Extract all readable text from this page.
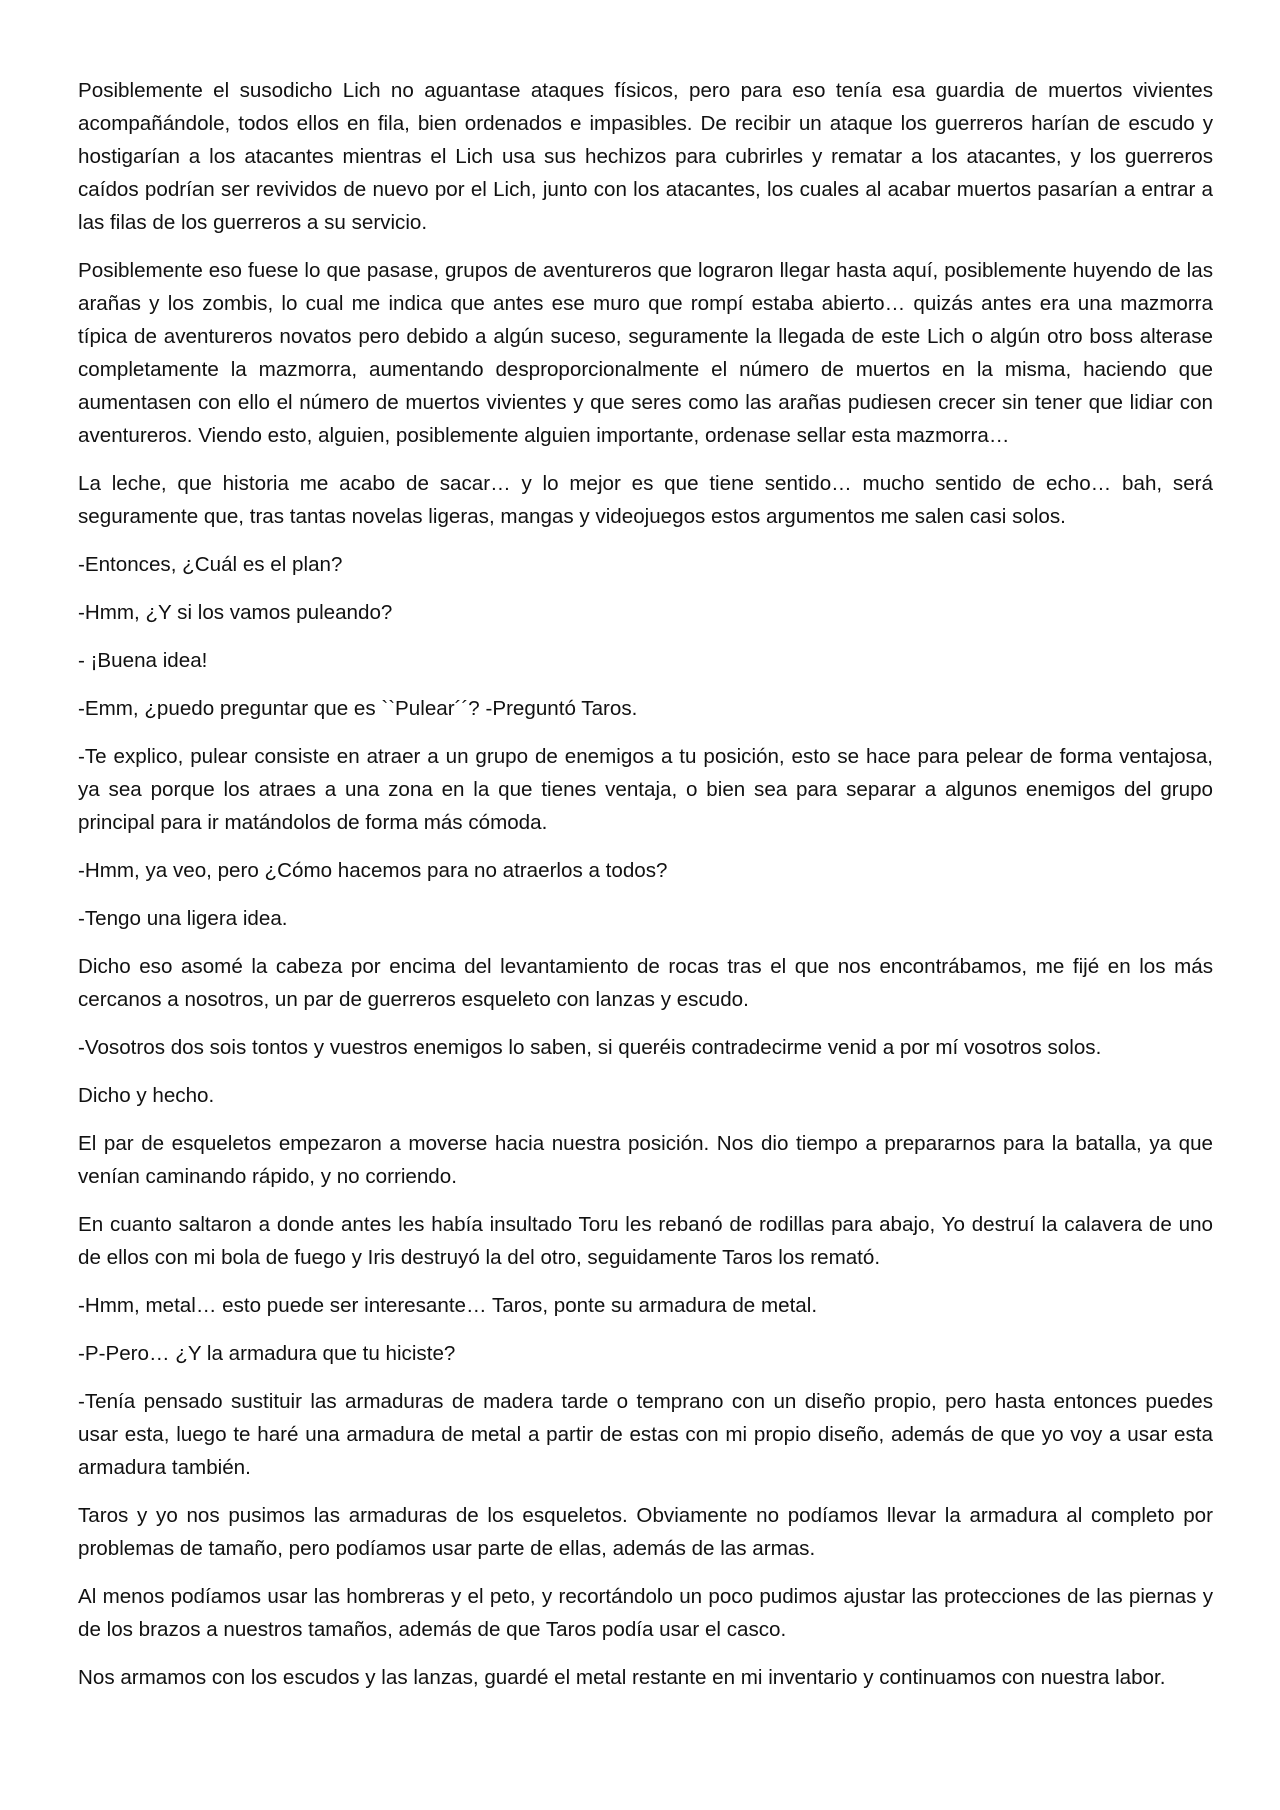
Posiblemente el susodicho Lich no aguantase ataques físicos, pero para eso tenía esa guardia de muertos vivientes acompañándole, todos ellos en fila, bien ordenados e impasibles. De recibir un ataque los guerreros harían de escudo y hostigarían a los atacantes mientras el Lich usa sus hechizos para cubrirles y rematar a los atacantes, y los guerreros caídos podrían ser revividos de nuevo por el Lich, junto con los atacantes, los cuales al acabar muertos pasarían a entrar a las filas de los guerreros a su servicio.

Posiblemente eso fuese lo que pasase, grupos de aventureros que lograron llegar hasta aquí, posiblemente huyendo de las arañas y los zombis, lo cual me indica que antes ese muro que rompí estaba abierto… quizás antes era una mazmorra típica de aventureros novatos pero debido a algún suceso, seguramente la llegada de este Lich o algún otro boss alterase completamente la mazmorra, aumentando desproporcionalmente el número de muertos en la misma, haciendo que aumentasen con ello el número de muertos vivientes y que seres como las arañas pudiesen crecer sin tener que lidiar con aventureros. Viendo esto, alguien, posiblemente alguien importante, ordenase sellar esta mazmorra…

La leche, que historia me acabo de sacar… y lo mejor es que tiene sentido… mucho sentido de echo… bah, será seguramente que, tras tantas novelas ligeras, mangas y videojuegos estos argumentos me salen casi solos.

-Entonces, ¿Cuál es el plan?

-Hmm, ¿Y si los vamos puleando?

- ¡Buena idea!

-Emm, ¿puedo preguntar que es ``Pulear´´? -Preguntó Taros.

-Te explico, pulear consiste en atraer a un grupo de enemigos a tu posición, esto se hace para pelear de forma ventajosa, ya sea porque los atraes a una zona en la que tienes ventaja, o bien sea para separar a algunos enemigos del grupo principal para ir matándolos de forma más cómoda.

-Hmm, ya veo, pero ¿Cómo hacemos para no atraerlos a todos?

-Tengo una ligera idea.

Dicho eso asomé la cabeza por encima del levantamiento de rocas tras el que nos encontrábamos, me fijé en los más cercanos a nosotros, un par de guerreros esqueleto con lanzas y escudo.

-Vosotros dos sois tontos y vuestros enemigos lo saben, si queréis contradecirme venid a por mí vosotros solos.

Dicho y hecho.

El par de esqueletos empezaron a moverse hacia nuestra posición. Nos dio tiempo a prepararnos para la batalla, ya que venían caminando rápido, y no corriendo.

En cuanto saltaron a donde antes les había insultado Toru les rebanó de rodillas para abajo, Yo destruí la calavera de uno de ellos con mi bola de fuego y Iris destruyó la del otro, seguidamente Taros los remató.

-Hmm, metal… esto puede ser interesante… Taros, ponte su armadura de metal.

-P-Pero… ¿Y la armadura que tu hiciste?

-Tenía pensado sustituir las armaduras de madera tarde o temprano con un diseño propio, pero hasta entonces puedes usar esta, luego te haré una armadura de metal a partir de estas con mi propio diseño, además de que yo voy a usar esta armadura también.

Taros y yo nos pusimos las armaduras de los esqueletos. Obviamente no podíamos llevar la armadura al completo por problemas de tamaño, pero podíamos usar parte de ellas, además de las armas.

Al menos podíamos usar las hombreras y el peto, y recortándolo un poco pudimos ajustar las protecciones de las piernas y de los brazos a nuestros tamaños, además de que Taros podía usar el casco.

Nos armamos con los escudos y las lanzas, guardé el metal restante en mi inventario y continuamos con nuestra labor.
